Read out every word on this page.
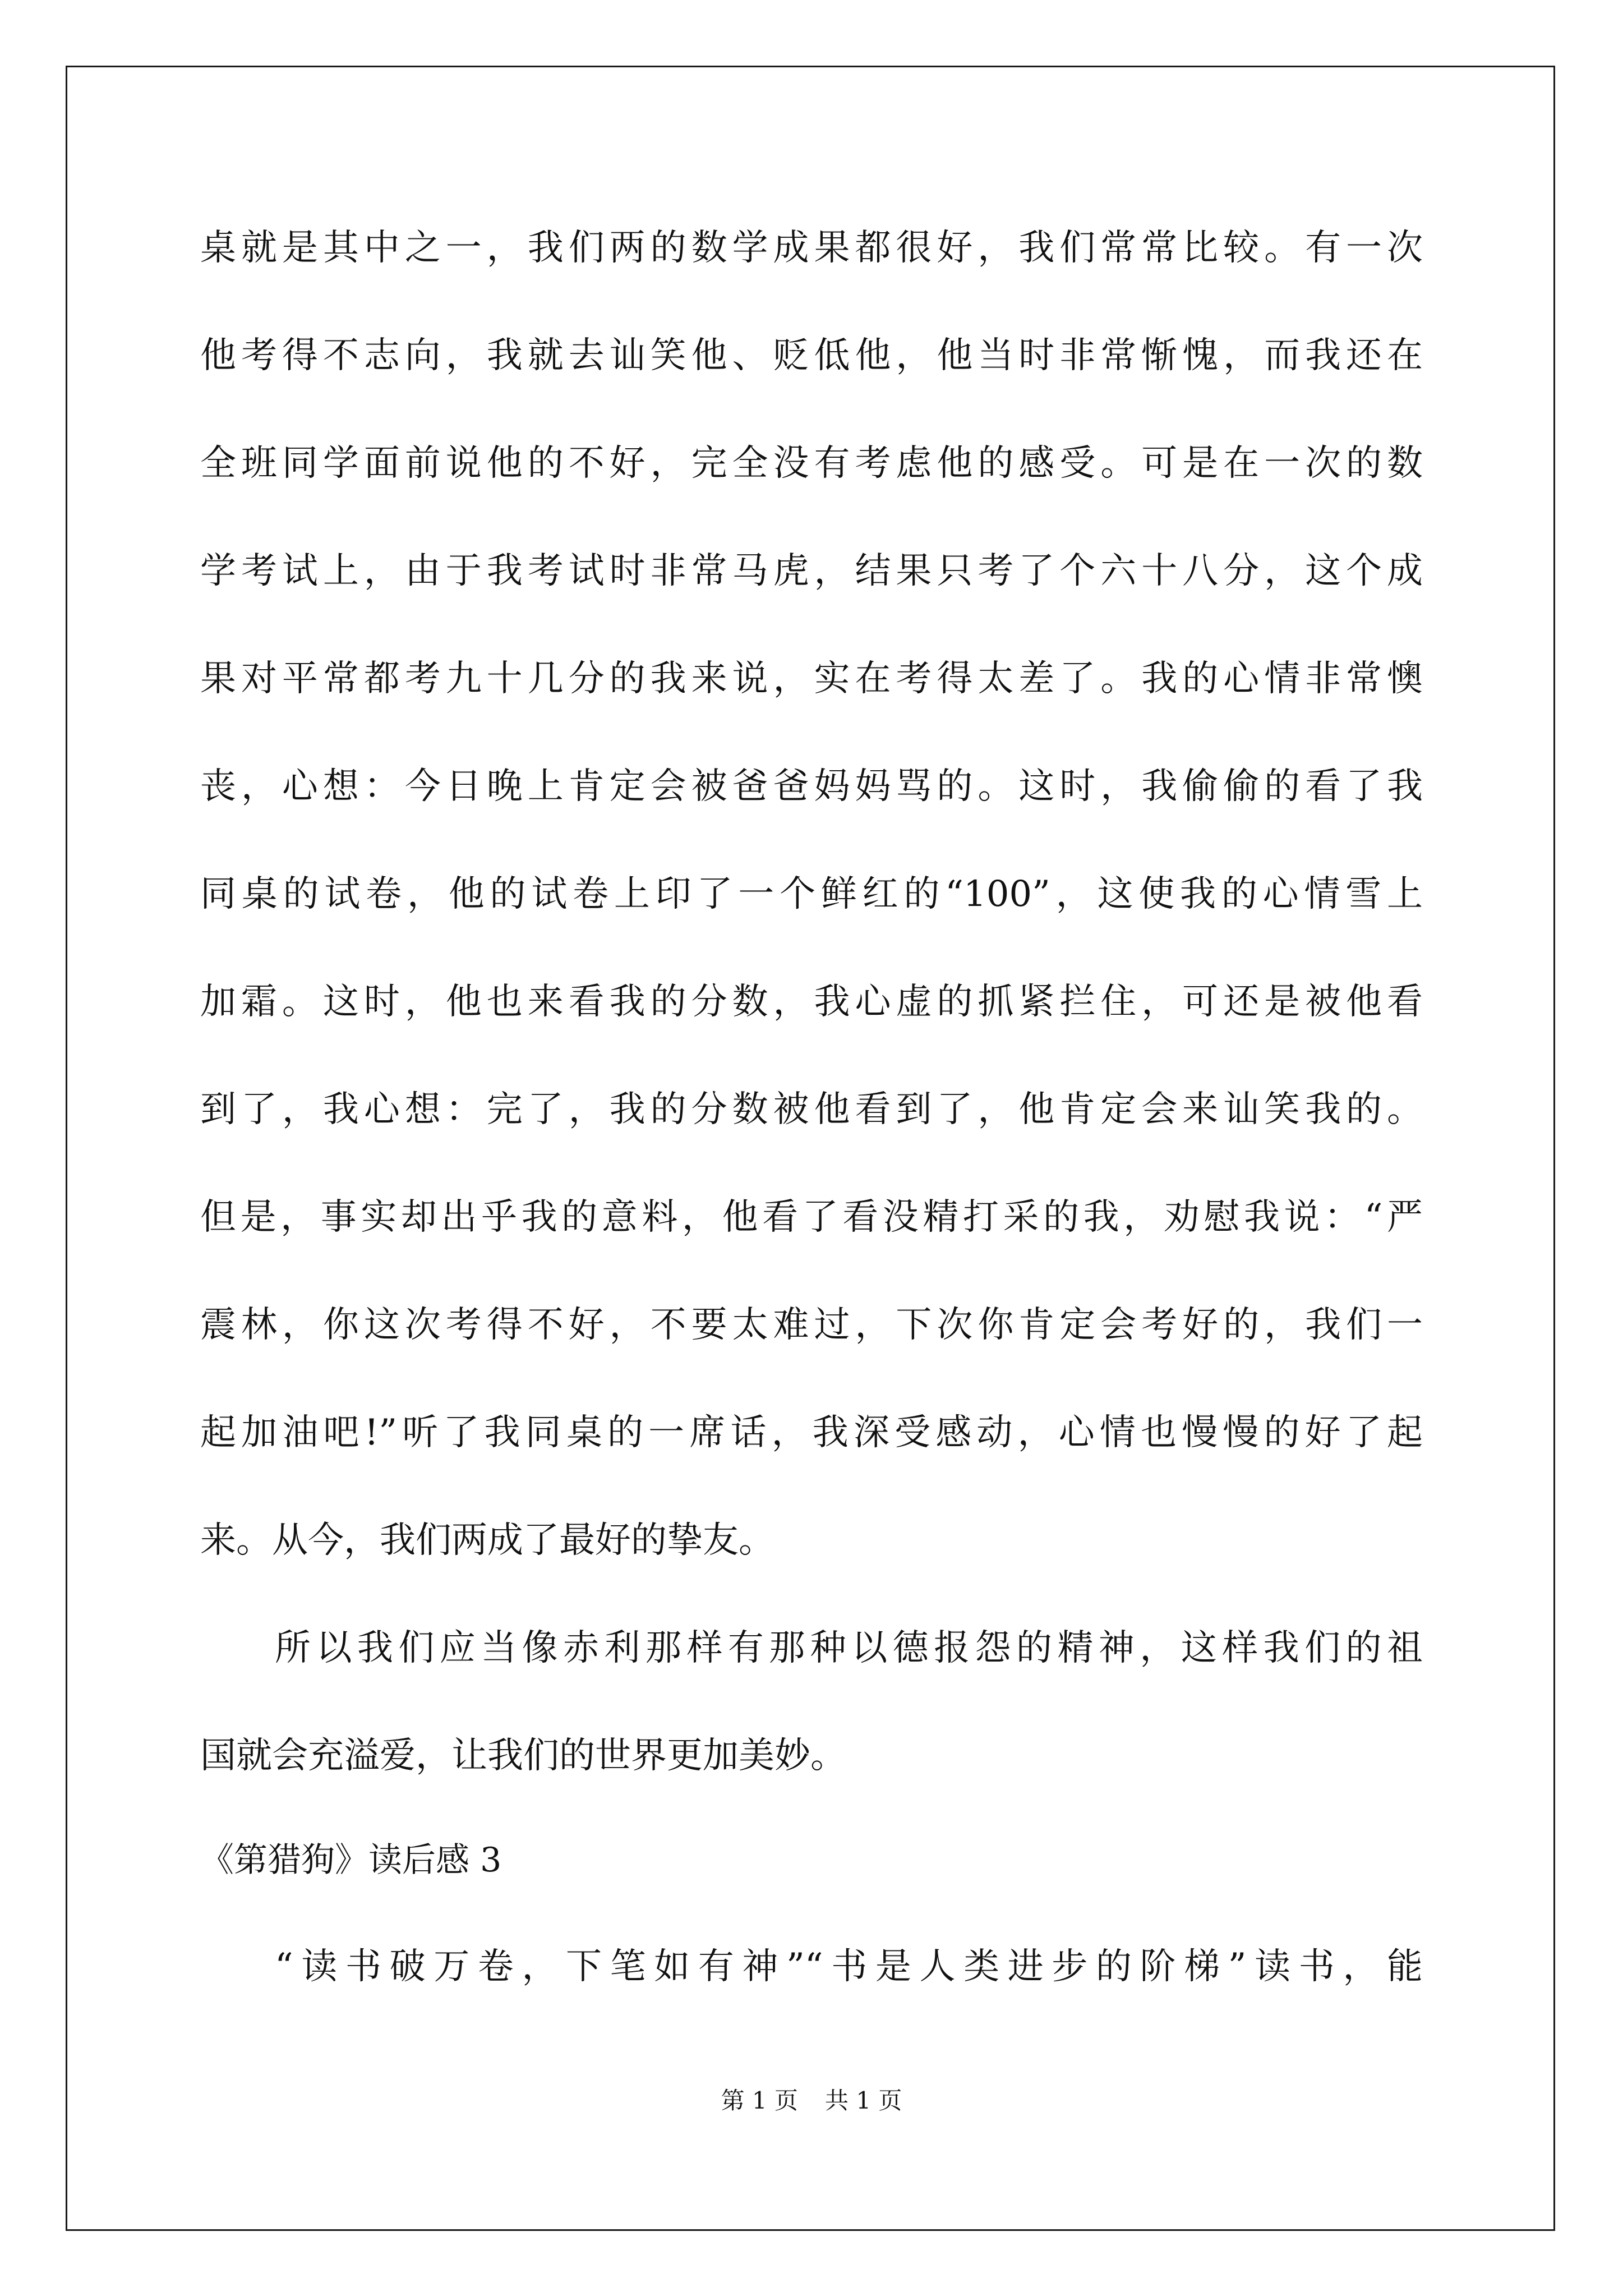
桌就是其中之一，我们两的数学成果都很好，我们常常比较。有一次
他考得不志向，我就去讪笑他、贬低他，他当时非常惭愧，而我还在
全班同学面前说他的不好，完全没有考虑他的感受。可是在一次的数
学考试上，由于我考试时非常马虎，结果只考了个六十八分，这个成
果对平常都考九十几分的我来说，实在考得太差了。我的心情非常懊
丧，心想：今日晚上肯定会被爸爸妈妈骂的。这时，我偷偷的看了我
同桌的试卷，他的试卷上印了一个鲜红的“100”，这使我的心情雪上
加霜。这时，他也来看我的分数，我心虚的抓紧拦住，可还是被他看
到了，我心想：完了，我的分数被他看到了，他肯定会来讪笑我的。
但是，事实却出乎我的意料，他看了看没精打采的我，劝慰我说：“严
震林，你这次考得不好，不要太难过，下次你肯定会考好的，我们一
起加油吧!”听了我同桌的一席话，我深受感动，心情也慢慢的好了起
来。从今，我们两成了最好的挚友。
所以我们应当像赤利那样有那种以德报怨的精神，这样我们的祖
国就会充溢爱，让我们的世界更加美妙。
《第猎狗》读后感 3
“读书破万卷，下笔如有神”“书是人类进步的阶梯”读书，能
第 1 页 共 1 页
